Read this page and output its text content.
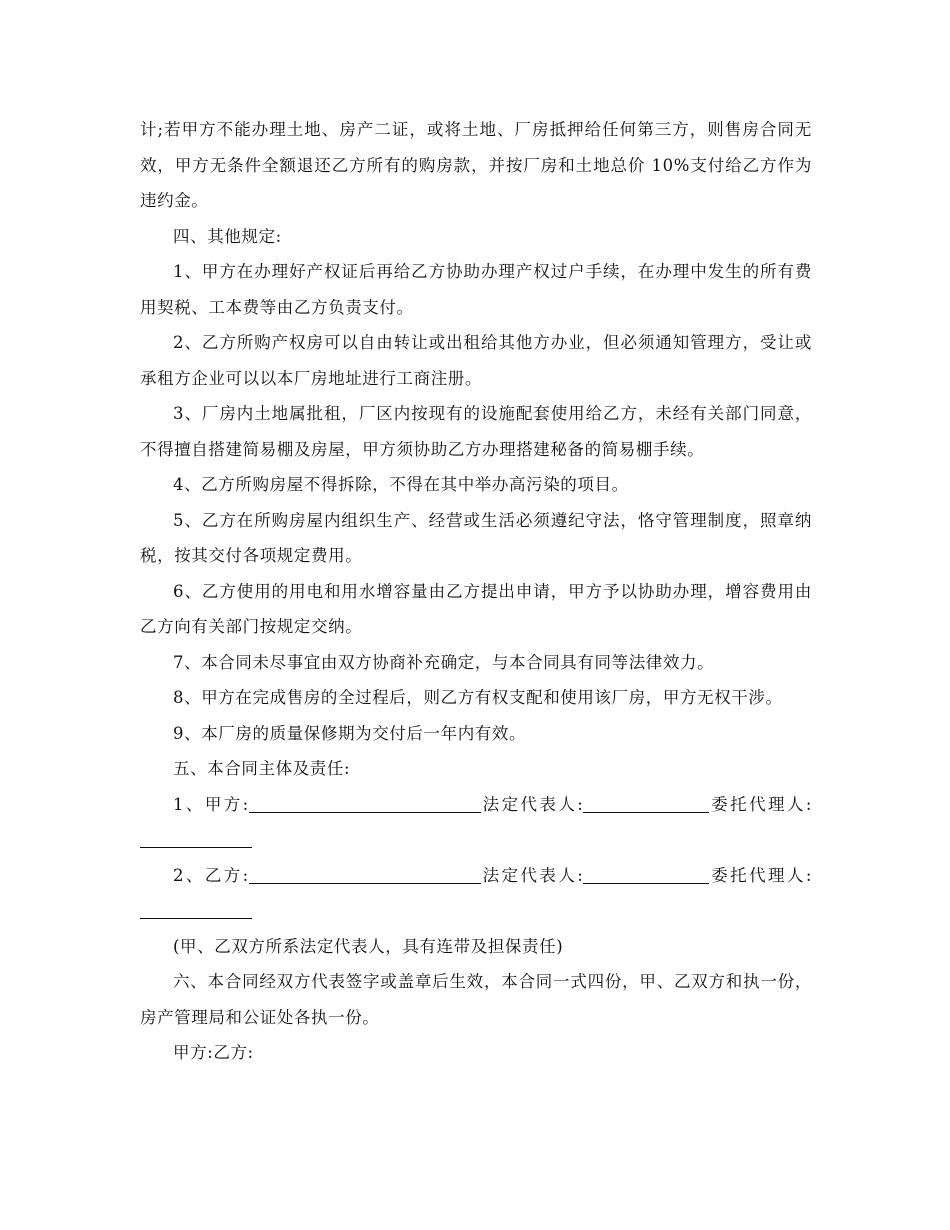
计;若甲方不能办理土地、房产二证，或将土地、厂房抵押给任何第三方，则售房合同无效，甲方无条件全额退还乙方所有的购房款，并按厂房和土地总价 10%支付给乙方作为违约金。

四、其他规定:

1、甲方在办理好产权证后再给乙方协助办理产权过户手续，在办理中发生的所有费用契税、工本费等由乙方负责支付。

2、乙方所购产权房可以自由转让或出租给其他方办业，但必须通知管理方，受让或承租方企业可以以本厂房地址进行工商注册。

3、厂房内土地属批租，厂区内按现有的设施配套使用给乙方，未经有关部门同意，不得擅自搭建简易棚及房屋，甲方须协助乙方办理搭建秘备的简易棚手续。

4、乙方所购房屋不得拆除，不得在其中举办高污染的项目。

5、乙方在所购房屋内组织生产、经营或生活必须遵纪守法，恪守管理制度，照章纳税，按其交付各项规定费用。

6、乙方使用的用电和用水增容量由乙方提出申请，甲方予以协助办理，增容费用由乙方向有关部门按规定交纳。

7、本合同未尽事宜由双方协商补充确定，与本合同具有同等法律效力。

8、甲方在完成售房的全过程后，则乙方有权支配和使用该厂房，甲方无权干涉。

9、本厂房的质量保修期为交付后一年内有效。

五、本合同主体及责任:

1、甲方:	法定代表人:	委托代理人:

2、乙方:	法定代表人:	委托代理人:

(甲、乙双方所系法定代表人，具有连带及担保责任)

六、本合同经双方代表签字或盖章后生效，本合同一式四份，甲、乙双方和执一份，房产管理局和公证处各执一份。

甲方:乙方:
